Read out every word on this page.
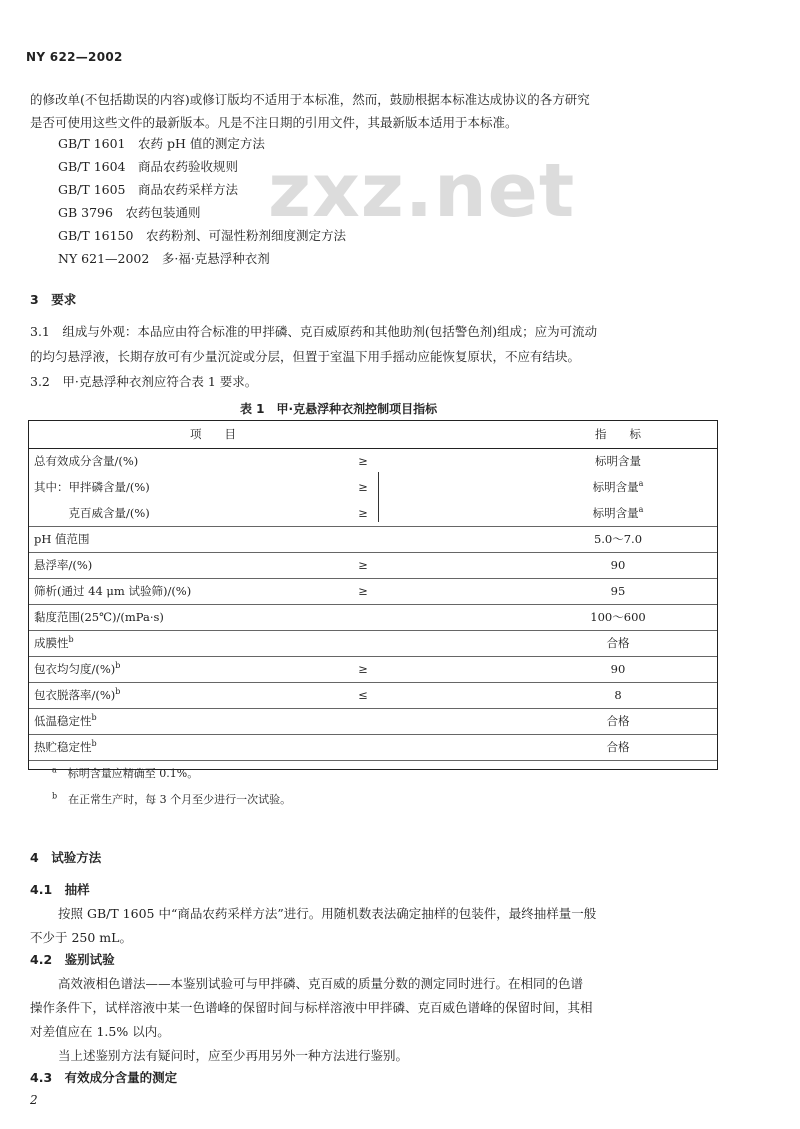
NY 622—2002
zxz.net
的修改单(不包括勘误的内容)或修订版均不适用于本标准，然而，鼓励根据本标准达成协议的各方研究
是否可使用这些文件的最新版本。凡是不注日期的引用文件，其最新版本适用于本标准。
GB/T 1601　农药 pH 值的测定方法
GB/T 1604　商品农药验收规则
GB/T 1605　商品农药采样方法
GB 3796　农药包装通则
GB/T 16150　农药粉剂、可湿性粉剂细度测定方法
NY 621—2002　多·福·克悬浮种衣剂
3　要求
3.1　组成与外观：本品应由符合标准的甲拌磷、克百威原药和其他助剂(包括警色剂)组成；应为可流动
的均匀悬浮液，长期存放可有少量沉淀或分层，但置于室温下用手摇动应能恢复原状，不应有结块。
3.2　甲·克悬浮种衣剂应符合表 1 要求。
表 1　甲·克悬浮种衣剂控制项目指标
项　　目			指　　标
总有效成分含量/(%)	≥		标明含量
其中：甲拌磷含量/(%)	≥		标明含量$^a$
　　　克百威含量/(%)	≥		标明含量$^a$
pH 值范围			5.0～7.0
悬浮率/(%)	≥		90
筛析(通过 44 μm 试验筛)/(%)	≥		95
黏度范围(25℃)/(mPa·s)			100～600
成膜性$^b$			合格
包衣均匀度/(%)$^b$	≥		90
包衣脱落率/(%)$^b$	≤		8
低温稳定性$^b$			合格
热贮稳定性$^b$			合格
$^a$　 标明含量应精确至 0.1%。			
$^b$　 在正常生产时，每 3 个月至少进行一次试验。			
4　试验方法
4.1　抽样
按照 GB/T 1605 中“商品农药采样方法”进行。用随机数表法确定抽样的包装件，最终抽样量一般
不少于 250 mL。
4.2　鉴别试验
高效液相色谱法——本鉴别试验可与甲拌磷、克百威的质量分数的测定同时进行。在相同的色谱
操作条件下，试样溶液中某一色谱峰的保留时间与标样溶液中甲拌磷、克百威色谱峰的保留时间，其相
对差值应在 1.5% 以内。
当上述鉴别方法有疑问时，应至少再用另外一种方法进行鉴别。
4.3　有效成分含量的测定
2
